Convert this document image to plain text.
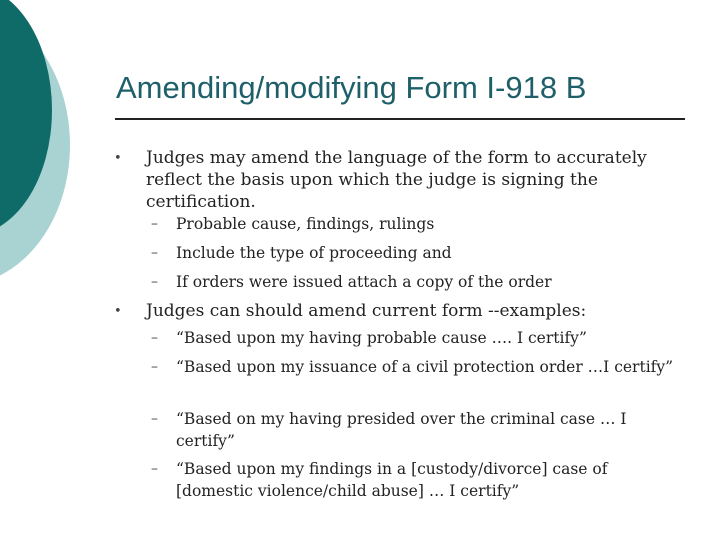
Amending/modifying Form I-918 B
• Judges may amend the language of the form to accurately reflect the basis upon which the judge is signing the certification.
– Probable cause, findings, rulings
– Include the type of proceeding and
– If orders were issued attach a copy of the order
• Judges can should amend current form --examples:
– “Based upon my having probable cause …. I certify”
– “Based upon my issuance of a civil protection order …I certify”
– “Based on my having presided over the criminal case … I certify”
– “Based upon my findings in a [custody/divorce] case of [domestic violence/child abuse] … I certify”
